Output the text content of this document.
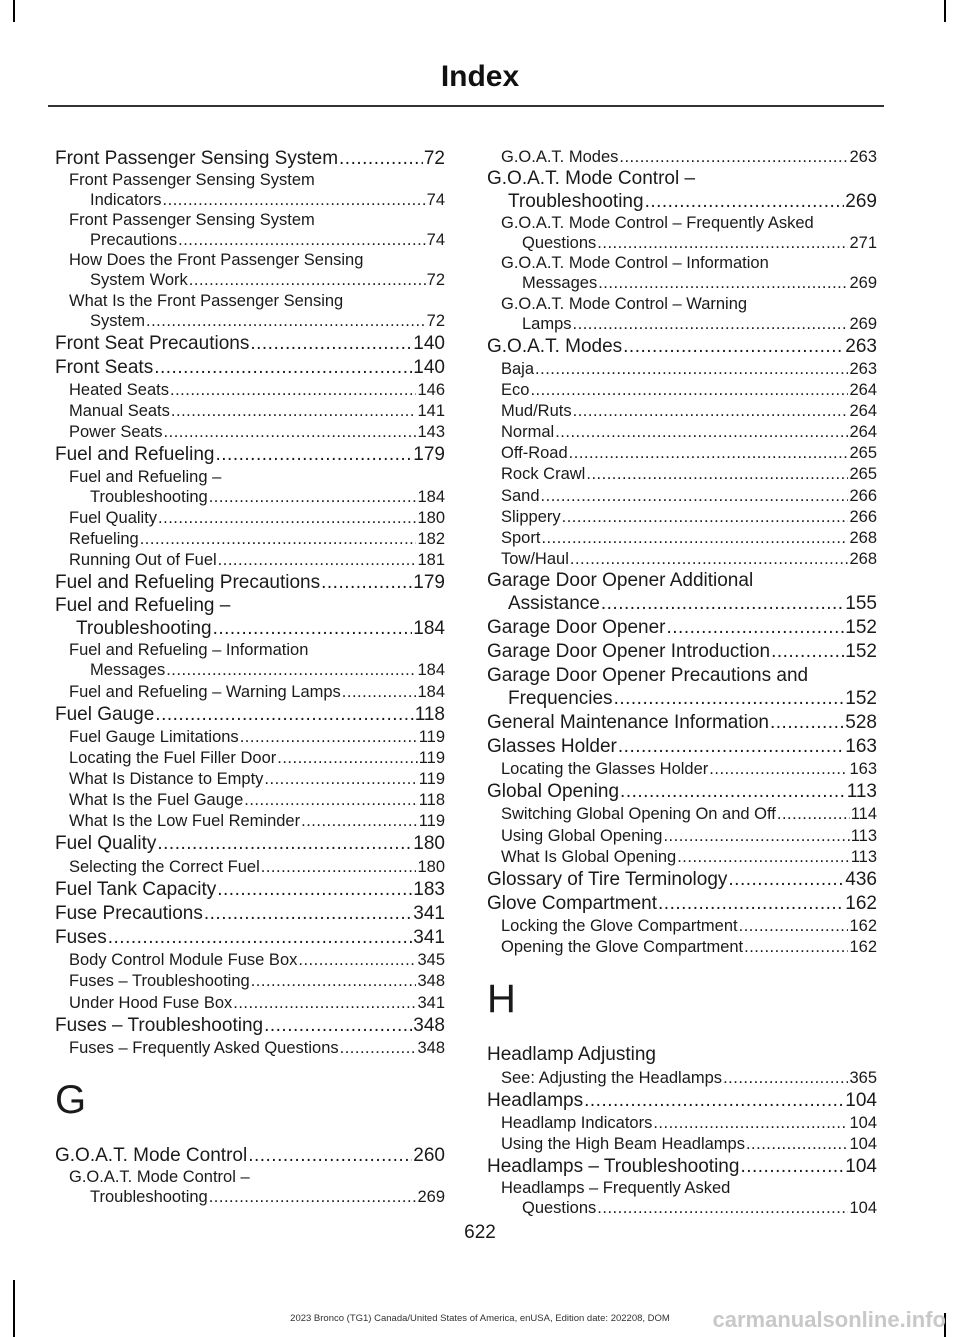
Index
Front Passenger Sensing System .....	72
Front Passenger Sensing System
Indicators .....	74
Front Passenger Sensing System
Precautions .....	74
How Does the Front Passenger Sensing
System Work .....	72
What Is the Front Passenger Sensing
System .....	72
Front Seat Precautions .....	140
Front Seats .....	140
Heated Seats .....	146
Manual Seats .....	141
Power Seats .....	143
Fuel and Refueling .....	179
Fuel and Refueling –
Troubleshooting .....	184
Fuel Quality .....	180
Refueling .....	182
Running Out of Fuel .....	181
Fuel and Refueling Precautions .....	179
Fuel and Refueling –
Troubleshooting .....	184
Fuel and Refueling – Information
Messages .....	184
Fuel and Refueling – Warning Lamps .....	184
Fuel Gauge .....	118
Fuel Gauge Limitations .....	119
Locating the Fuel Filler Door .....	119
What Is Distance to Empty .....	119
What Is the Fuel Gauge .....	118
What Is the Low Fuel Reminder .....	119
Fuel Quality .....	180
Selecting the Correct Fuel .....	180
Fuel Tank Capacity .....	183
Fuse Precautions .....	341
Fuses .....	341
Body Control Module Fuse Box .....	345
Fuses – Troubleshooting .....	348
Under Hood Fuse Box .....	341
Fuses – Troubleshooting .....	348
Fuses – Frequently Asked Questions .....	348
G
G.O.A.T. Mode Control .....	260
G.O.A.T. Mode Control –
Troubleshooting .....	269
G.O.A.T. Modes .....	263
G.O.A.T. Mode Control –
Troubleshooting .....	269
G.O.A.T. Mode Control – Frequently Asked
Questions .....	271
G.O.A.T. Mode Control – Information
Messages .....	269
G.O.A.T. Mode Control – Warning
Lamps .....	269
G.O.A.T. Modes .....	263
Baja .....	263
Eco .....	264
Mud/Ruts .....	264
Normal .....	264
Off-Road .....	265
Rock Crawl .....	265
Sand .....	266
Slippery .....	266
Sport .....	268
Tow/Haul .....	268
Garage Door Opener Additional
Assistance .....	155
Garage Door Opener .....	152
Garage Door Opener Introduction .....	152
Garage Door Opener Precautions and
Frequencies .....	152
General Maintenance Information .....	528
Glasses Holder .....	163
Locating the Glasses Holder .....	163
Global Opening .....	113
Switching Global Opening On and Off .....	114
Using Global Opening .....	113
What Is Global Opening .....	113
Glossary of Tire Terminology .....	436
Glove Compartment .....	162
Locking the Glove Compartment .....	162
Opening the Glove Compartment .....	162
H
Headlamp Adjusting
See: Adjusting the Headlamps .....	365
Headlamps .....	104
Headlamp Indicators .....	104
Using the High Beam Headlamps .....	104
Headlamps – Troubleshooting .....	104
Headlamps – Frequently Asked
Questions .....	104
622
2023 Bronco (TG1) Canada/United States of America, enUSA, Edition date: 202208, DOM	carmanualsonline.info
